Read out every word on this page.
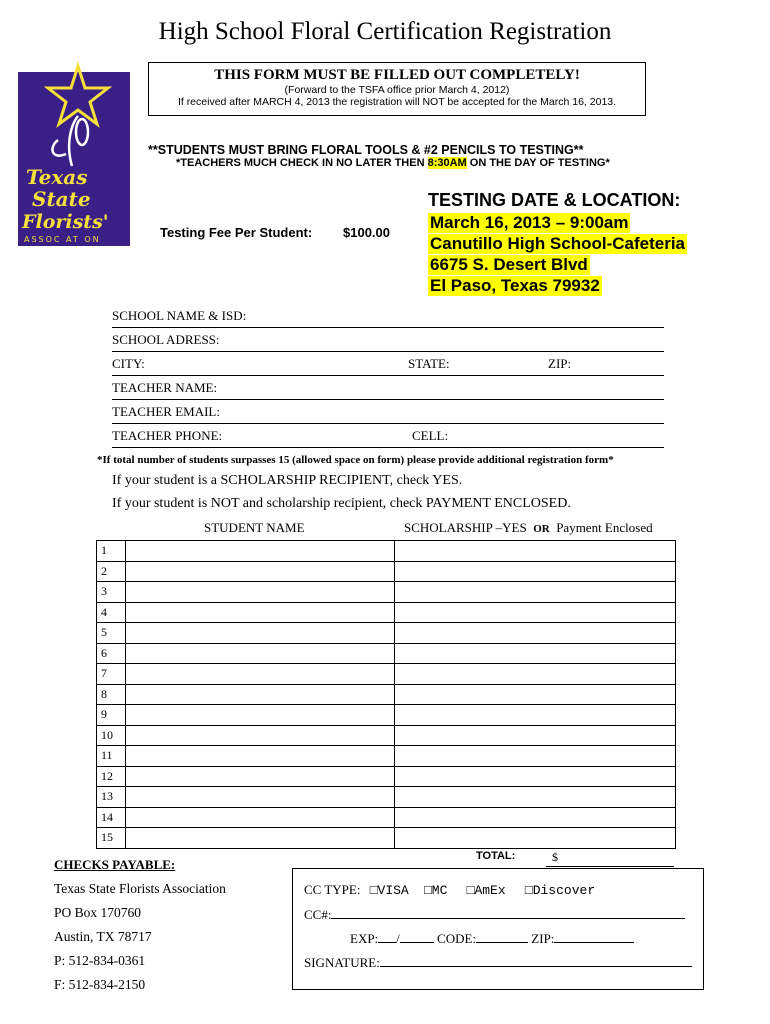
High School Floral Certification Registration
THIS FORM MUST BE FILLED OUT COMPLETELY!
(Forward to the TSFA office prior March 4, 2012)
If received after MARCH 4, 2013 the registration will NOT be accepted for the March 16, 2013.
Texas
State
Florists'
ASSOC AT ON
**STUDENTS MUST BRING FLORAL TOOLS & #2 PENCILS TO TESTING**
*TEACHERS MUCH CHECK IN NO LATER THEN 8:30AM ON THE DAY OF TESTING*
Testing Fee Per Student: $100.00
TESTING DATE & LOCATION:
March 16, 2013 – 9:00am
Canutillo High School-Cafeteria
6675 S. Desert Blvd
El Paso, Texas 79932
SCHOOL NAME & ISD:
SCHOOL ADRESS:
CITY:	STATE:	ZIP:
TEACHER NAME:
TEACHER EMAIL:
TEACHER PHONE:	CELL:
*If total number of students surpasses 15 (allowed space on form) please provide additional registration form*
If your student is a SCHOLARSHIP RECIPIENT, check YES.
If your student is NOT and scholarship recipient, check PAYMENT ENCLOSED.
STUDENT NAME	SCHOLARSHIP –YES OR Payment Enclosed
1		
2		
3		
4		
5		
6		
7		
8		
9		
10		
11		
12		
13		
14		
15		
TOTAL:	$
CHECKS PAYABLE:
Texas State Florists Association
PO Box 170760
Austin, TX 78717
P: 512-834-0361
F: 512-834-2150
CC TYPE: □VISA □MC □AmEx □Discover
CC#:
EXP: /	CODE:	ZIP:
SIGNATURE:
